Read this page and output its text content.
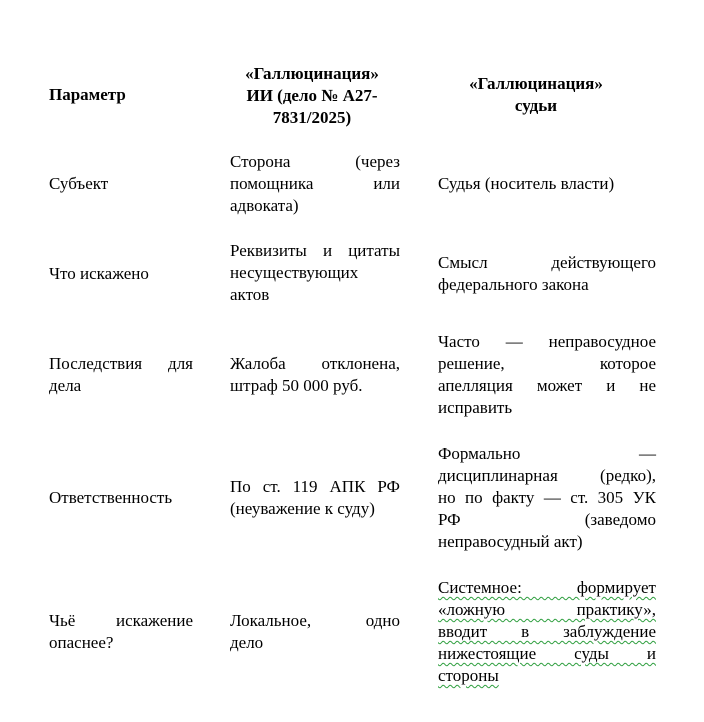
Параметр

«Галлюцинация»

ИИ (дело № А27-

7831/2025)

«Галлюцинация»

судьи

Субъект

Сторона (через

помощника или

адвоката)

Судья (носитель власти)

Что искажено

Реквизиты и цитаты

несуществующих

актов

Смысл действующего

федерального закона

Последствия для

дела

Жалоба отклонена,

штраф 50 000 руб.

Часто — неправосудное

решение, которое

апелляция может и не

исправить

Ответственность

По ст. 119 АПК РФ

(неуважение к суду)

Формально —

дисциплинарная (редко),

но по факту — ст. 305 УК

РФ (заведомо

неправосудный акт)

Чьё искажение

опаснее?

Локальное, одно

дело

Системное: формирует

«ложную практику»,

вводит в заблуждение

нижестоящие суды и

стороны
